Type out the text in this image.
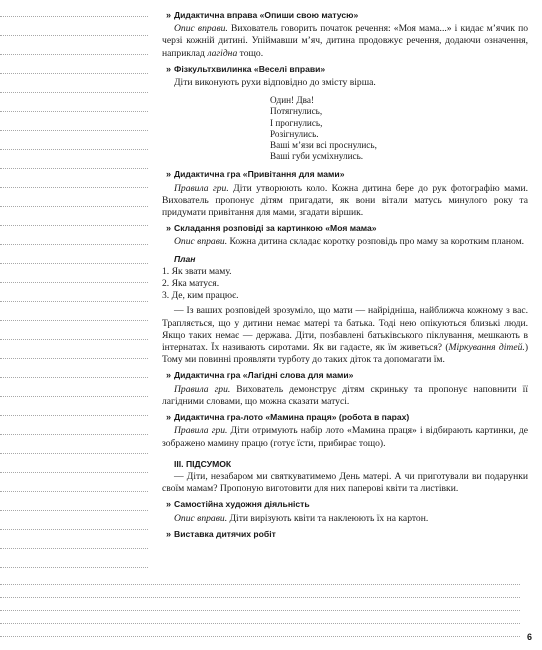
» Дидактична вправа «Опиши свою матусю»

Опис вправи. Вихователь говорить початок речення: «Моя мама...» і кидає м’ячик по черзі кожній дитині. Упіймавши м’яч, дитина продовжує речення, додаючи означення, наприклад лагідна тощо.

» Фізкультхвилинка «Веселі вправи»

Діти виконують рухи відповідно до змісту вірша.

Один! Два!
Потягнулись,
І прогнулись,
Розігнулись.
Ваші м’язи всі проснулись,
Ваші губи усміхнулись.
» Дидактична гра «Привітання для мами»

Правила гри. Діти утворюють коло. Кожна дитина бере до рук фотографію мами. Вихователь пропонує дітям пригадати, як вони вітали матусь минулого року та придумати привітання для мами, згадати віршик.

» Складання розповіді за картинкою «Моя мама»

Опис вправи. Кожна дитина складає коротку розповідь про маму за коротким планом.

План
1. Як звати маму.
2. Яка матуся.
3. Де, ким працює.

— Із ваших розповідей зрозуміло, що мати — найрідніша, найближча кожному з вас. Трапляється, що у дитини немає матері та батька. Тоді нею опікуються близькі люди. Якщо таких немає — держава. Діти, позбавлені батьківського піклування, мешкають в інтернатах. Їх називають сиротами. Як ви гадаєте, як їм живеться? (Міркування дітей.) Тому ми повинні проявляти турботу до таких діток та допомагати їм.

» Дидактична гра «Лагідні слова для мами»

Правила гри. Вихователь демонструє дітям скриньку та пропонує наповнити її лагідними словами, що можна сказати матусі.

» Дидактична гра-лото «Мамина праця» (робота в парах)

Правила гри. Діти отримують набір лото «Мамина праця» і відбирають картинки, де зображено мамину працю (готує їсти, прибирає тощо).

ІІІ. ПІДСУМОК

— Діти, незабаром ми святкуватимемо День матері. А чи приготували ви подарунки своїм мамам? Пропоную виготовити для них паперові квіти та листівки.

» Самостійна художня діяльність

Опис вправи. Діти вирізують квіти та наклеюють їх на картон.

» Виставка дитячих робіт
6
